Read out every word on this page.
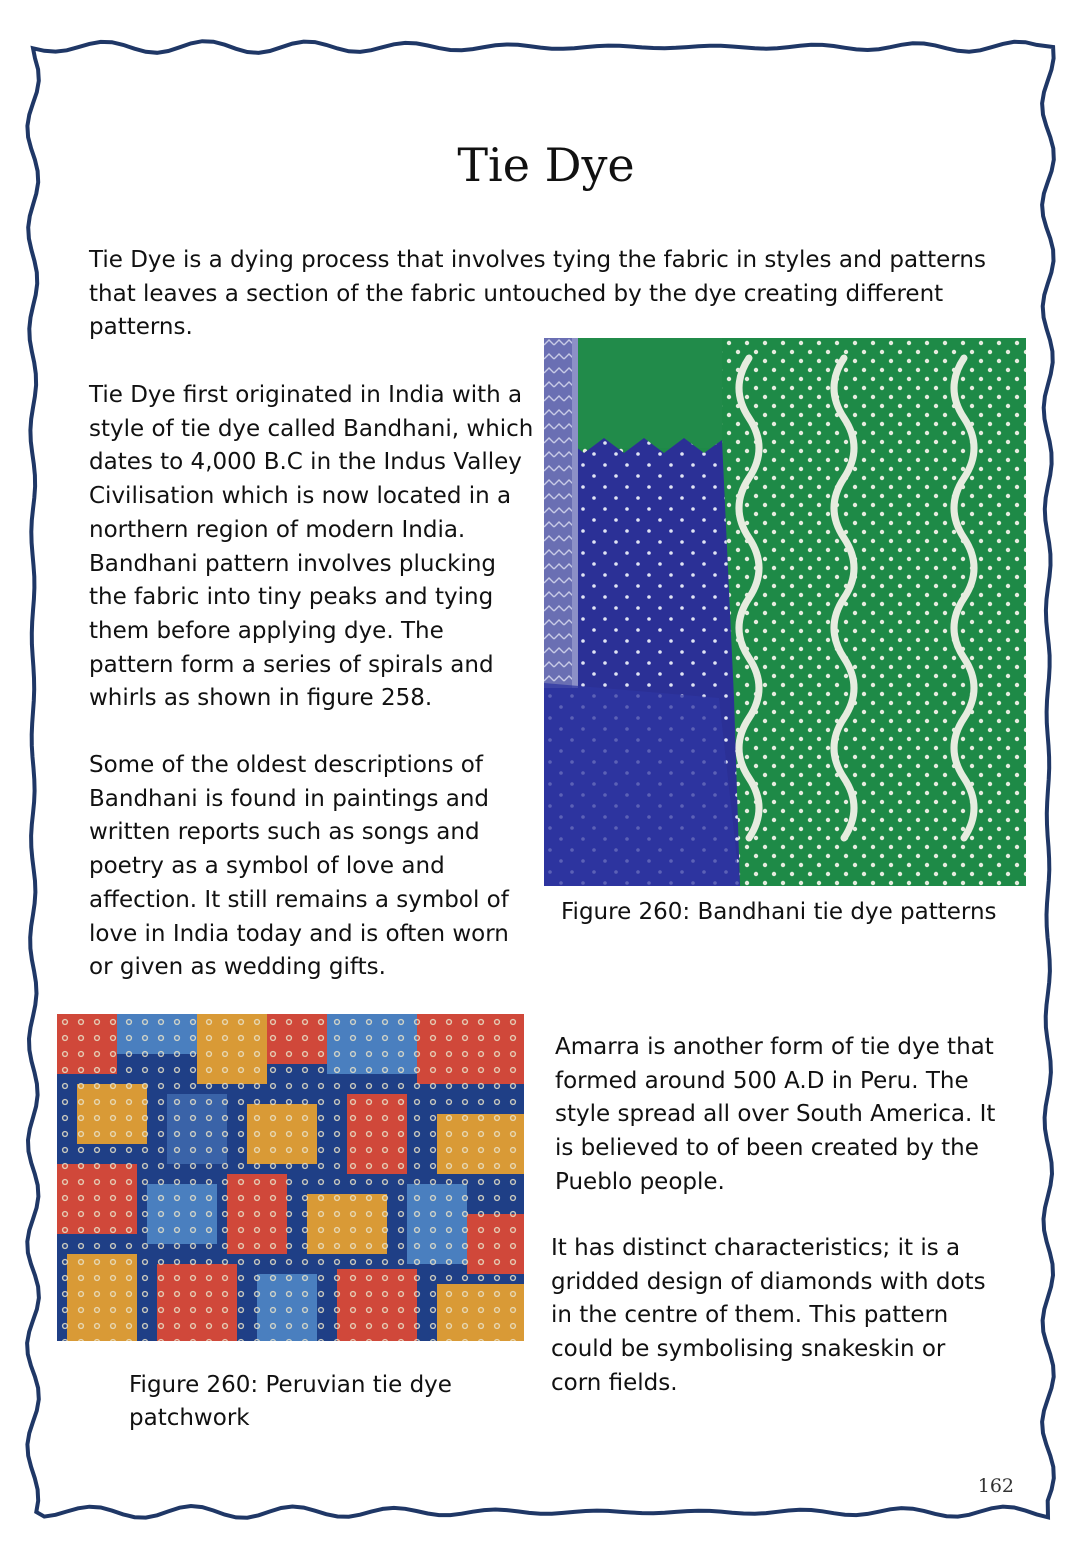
Tie Dye

Tie Dye is a dying process that involves tying the fabric in styles and patterns that leaves a section of the fabric untouched by the dye creating different patterns.

Tie Dye first originated in India with a style of tie dye called Bandhani, which dates to 4,000 B.C in the Indus Valley Civilisation which is now located in a northern region of modern India. Bandhani pattern involves plucking the fabric into tiny peaks and tying them before applying dye. The pattern form a series of spirals and whirls as shown in figure 258.

Some of the oldest descriptions of Bandhani is found in paintings and written reports such as songs and poetry as a symbol of love and affection. It still remains a symbol of love in India today and is often worn or given as wedding gifts.

Figure 260: Bandhani tie dye patterns

Figure 260: Peruvian tie dye patchwork

Amarra is another form of tie dye that formed around 500 A.D in Peru. The style spread all over South America. It is believed to of been created by the Pueblo people.

It has distinct characteristics; it is a gridded design of diamonds with dots in the centre of them. This pattern could be symbolising snakeskin or corn fields.

162
